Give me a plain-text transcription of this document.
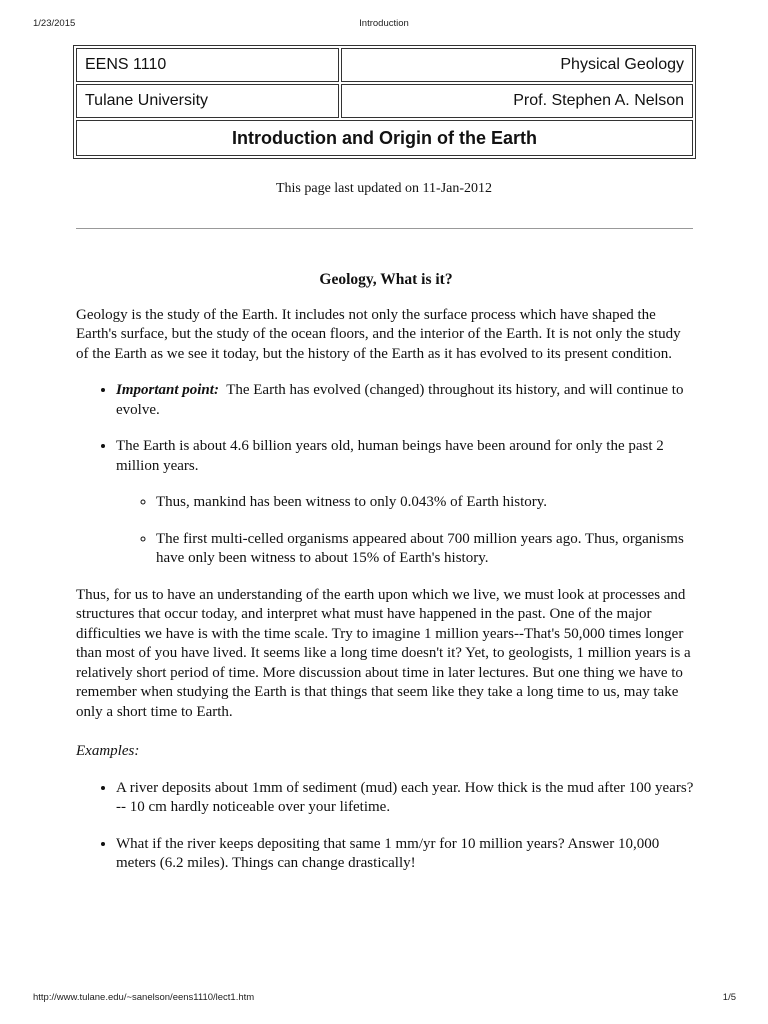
1/23/2015	Introduction
EENS 1110	Physical Geology
Tulane University	Prof. Stephen A. Nelson
Introduction and Origin of the Earth	
This page last updated on 11-Jan-2012
Geology, What is it?

Geology is the study of the Earth. It includes not only the surface process which have shaped the Earth's surface, but the study of the ocean floors, and the interior of the Earth. It is not only the study of the Earth as we see it today, but the history of the Earth as it has evolved to its present condition.

• Important point: The Earth has evolved (changed) throughout its history, and will continue to evolve.
• The Earth is about 4.6 billion years old, human beings have been around for only the past 2 million years.
◦ Thus, mankind has been witness to only 0.043% of Earth history.
◦ The first multi-celled organisms appeared about 700 million years ago. Thus, organisms have only been witness to about 15% of Earth's history.

Thus, for us to have an understanding of the earth upon which we live, we must look at processes and structures that occur today, and interpret what must have happened in the past. One of the major difficulties we have is with the time scale. Try to imagine 1 million years--That's 50,000 times longer than most of you have lived. It seems like a long time doesn't it? Yet, to geologists, 1 million years is a relatively short period of time. More discussion about time in later lectures. But one thing we have to remember when studying the Earth is that things that seem like they take a long time to us, may take only a short time to Earth.

Examples:
• A river deposits about 1mm of sediment (mud) each year. How thick is the mud after 100 years? -- 10 cm hardly noticeable over your lifetime.
• What if the river keeps depositing that same 1 mm/yr for 10 million years? Answer 10,000 meters (6.2 miles). Things can change drastically!
http://www.tulane.edu/~sanelson/eens1110/lect1.htm	1/5
